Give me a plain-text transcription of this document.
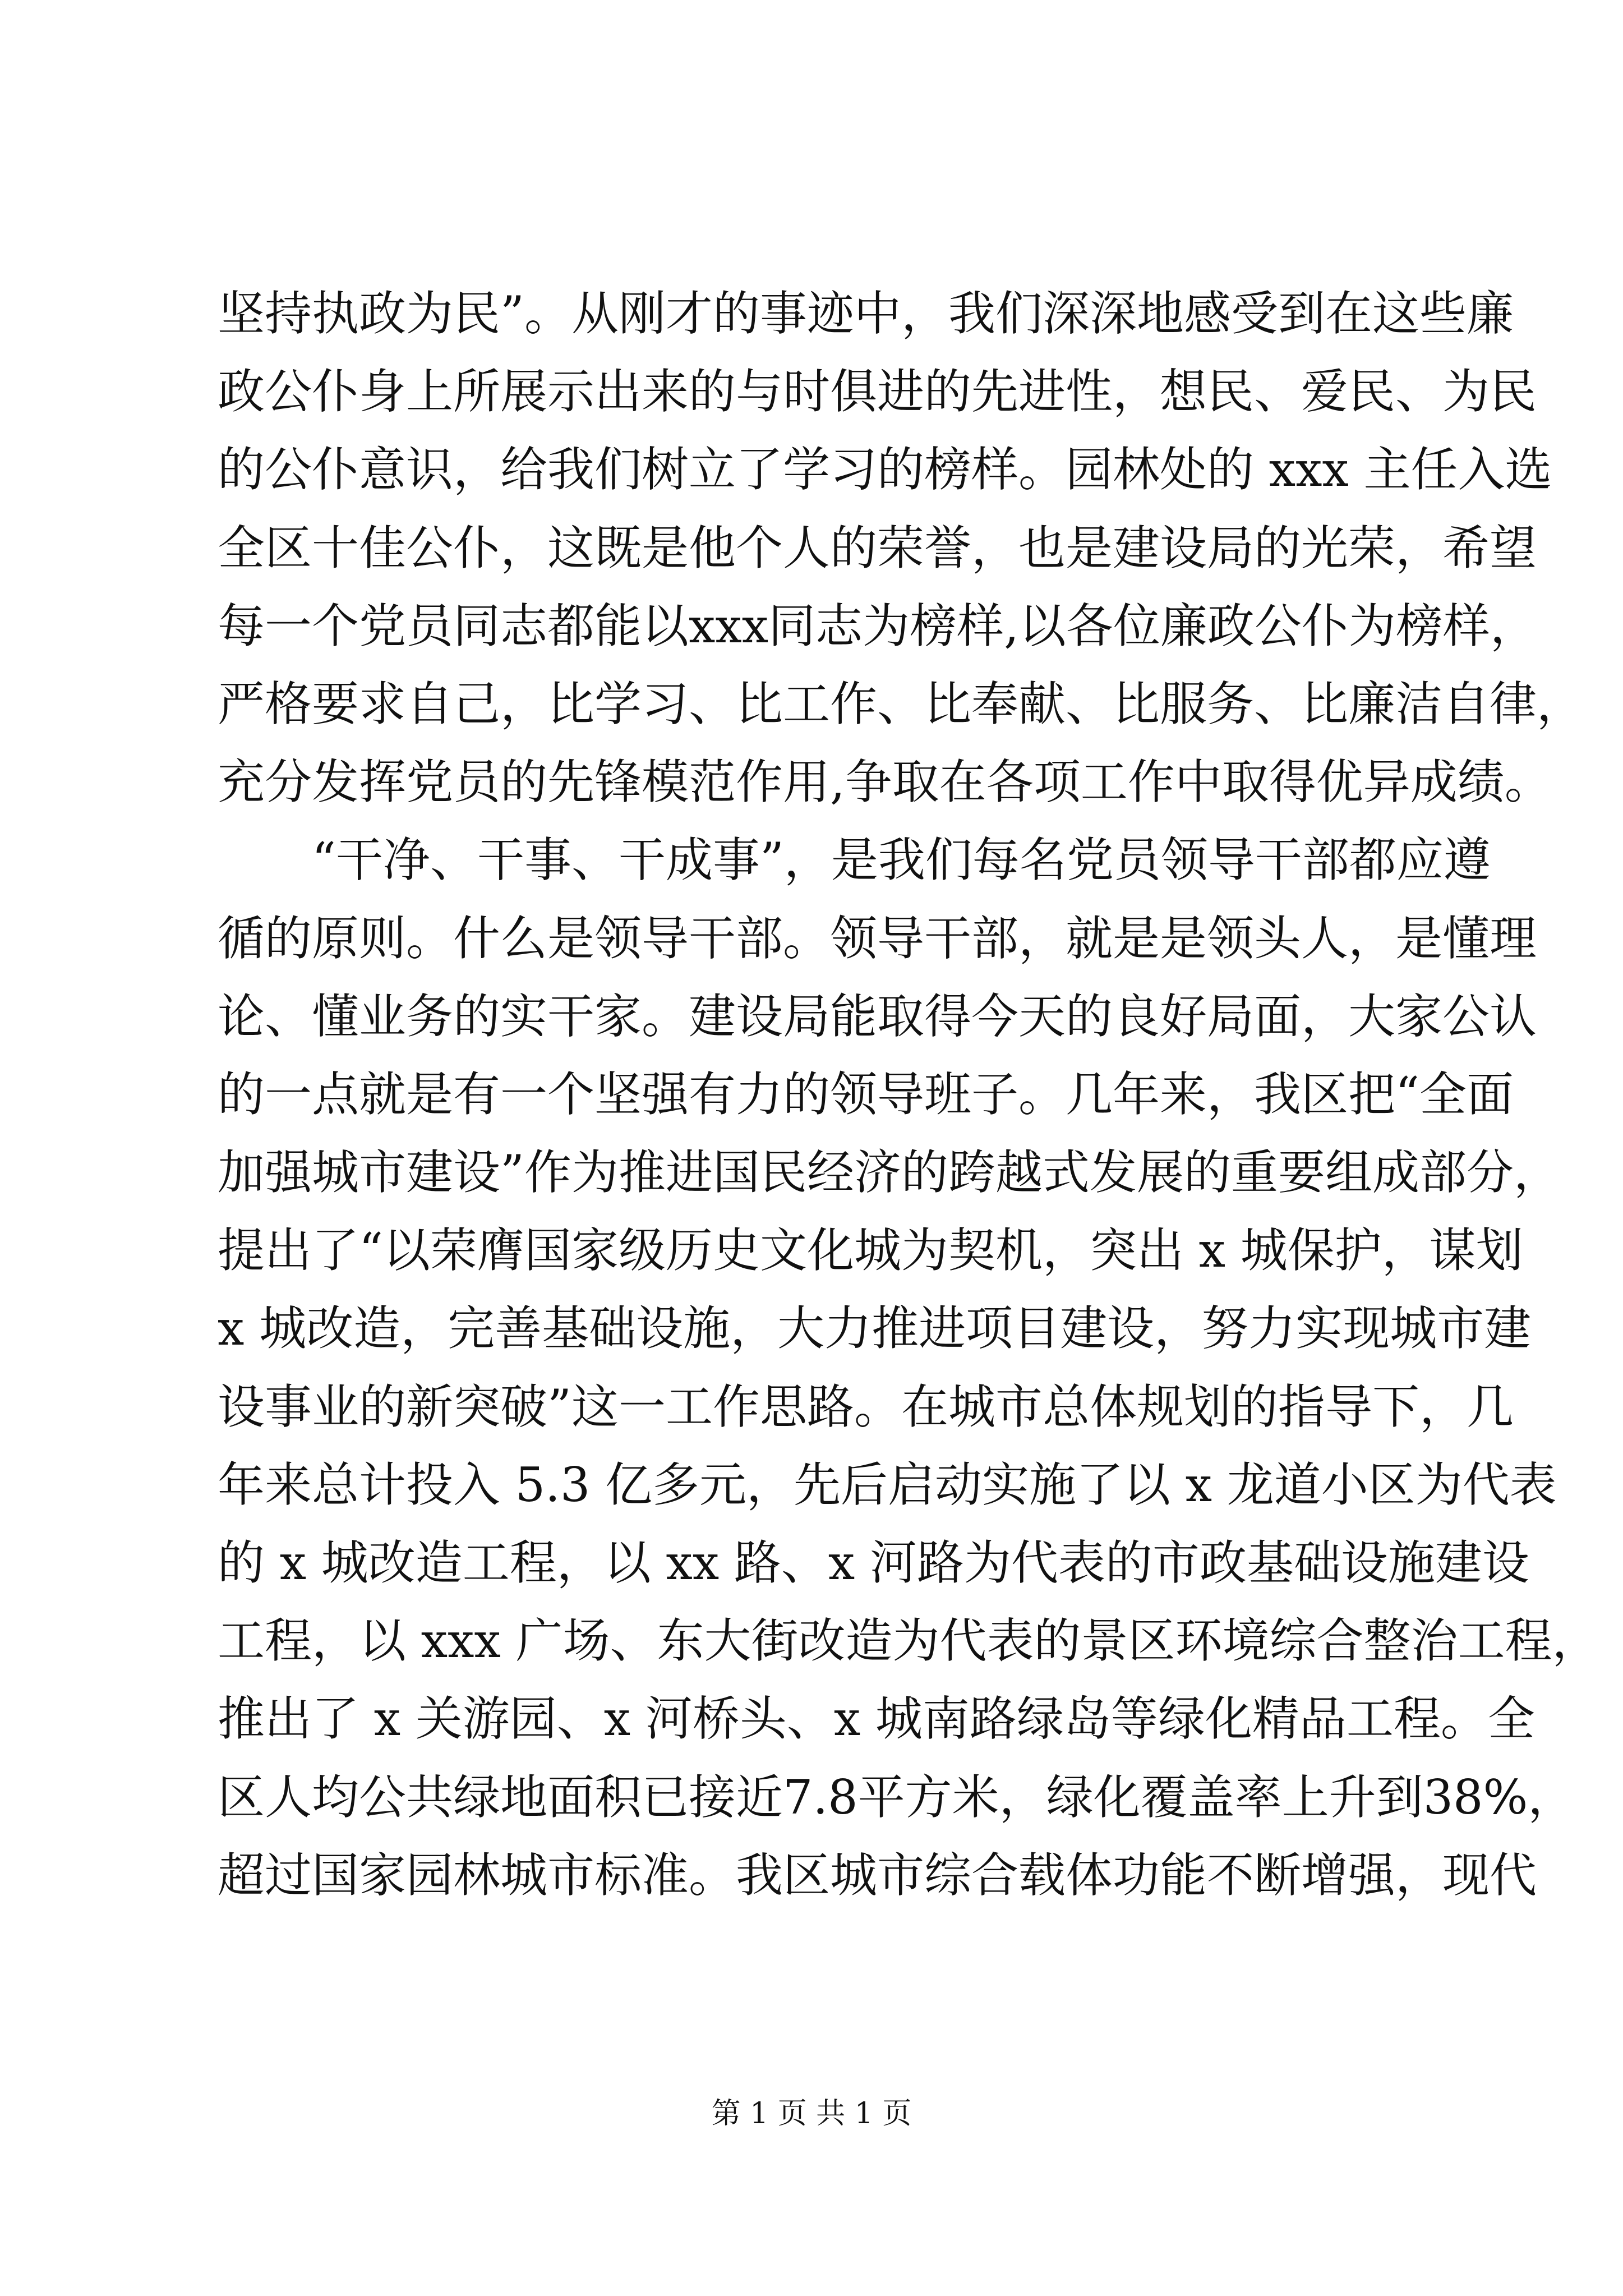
坚持执政为民”。从刚才的事迹中，我们深深地感受到在这些廉
政公仆身上所展示出来的与时俱进的先进性，想民、爱民、为民
的公仆意识，给我们树立了学习的榜样。园林处的 xxx 主任入选
全区十佳公仆，这既是他个人的荣誉，也是建设局的光荣，希望
每一个党员同志都能以xxx同志为榜样,以各位廉政公仆为榜样，
严格要求自己，比学习、比工作、比奉献、比服务、比廉洁自律，
充分发挥党员的先锋模范作用,争取在各项工作中取得优异成绩。
“干净、干事、干成事”，是我们每名党员领导干部都应遵
循的原则。什么是领导干部。领导干部，就是是领头人，是懂理
论、懂业务的实干家。建设局能取得今天的良好局面，大家公认
的一点就是有一个坚强有力的领导班子。几年来，我区把“全面
加强城市建设”作为推进国民经济的跨越式发展的重要组成部分，
提出了“以荣膺国家级历史文化城为契机，突出 x 城保护，谋划
x 城改造，完善基础设施，大力推进项目建设，努力实现城市建
设事业的新突破”这一工作思路。在城市总体规划的指导下，几
年来总计投入 5.3 亿多元，先后启动实施了以 x 龙道小区为代表
的 x 城改造工程，以 xx 路、x 河路为代表的市政基础设施建设
工程，以 xxx 广场、东大街改造为代表的景区环境综合整治工程，
推出了 x 关游园、x 河桥头、x 城南路绿岛等绿化精品工程。全
区人均公共绿地面积已接近7.8平方米，绿化覆盖率上升到38%，
超过国家园林城市标准。我区城市综合载体功能不断增强，现代
第 1 页 共 1 页
